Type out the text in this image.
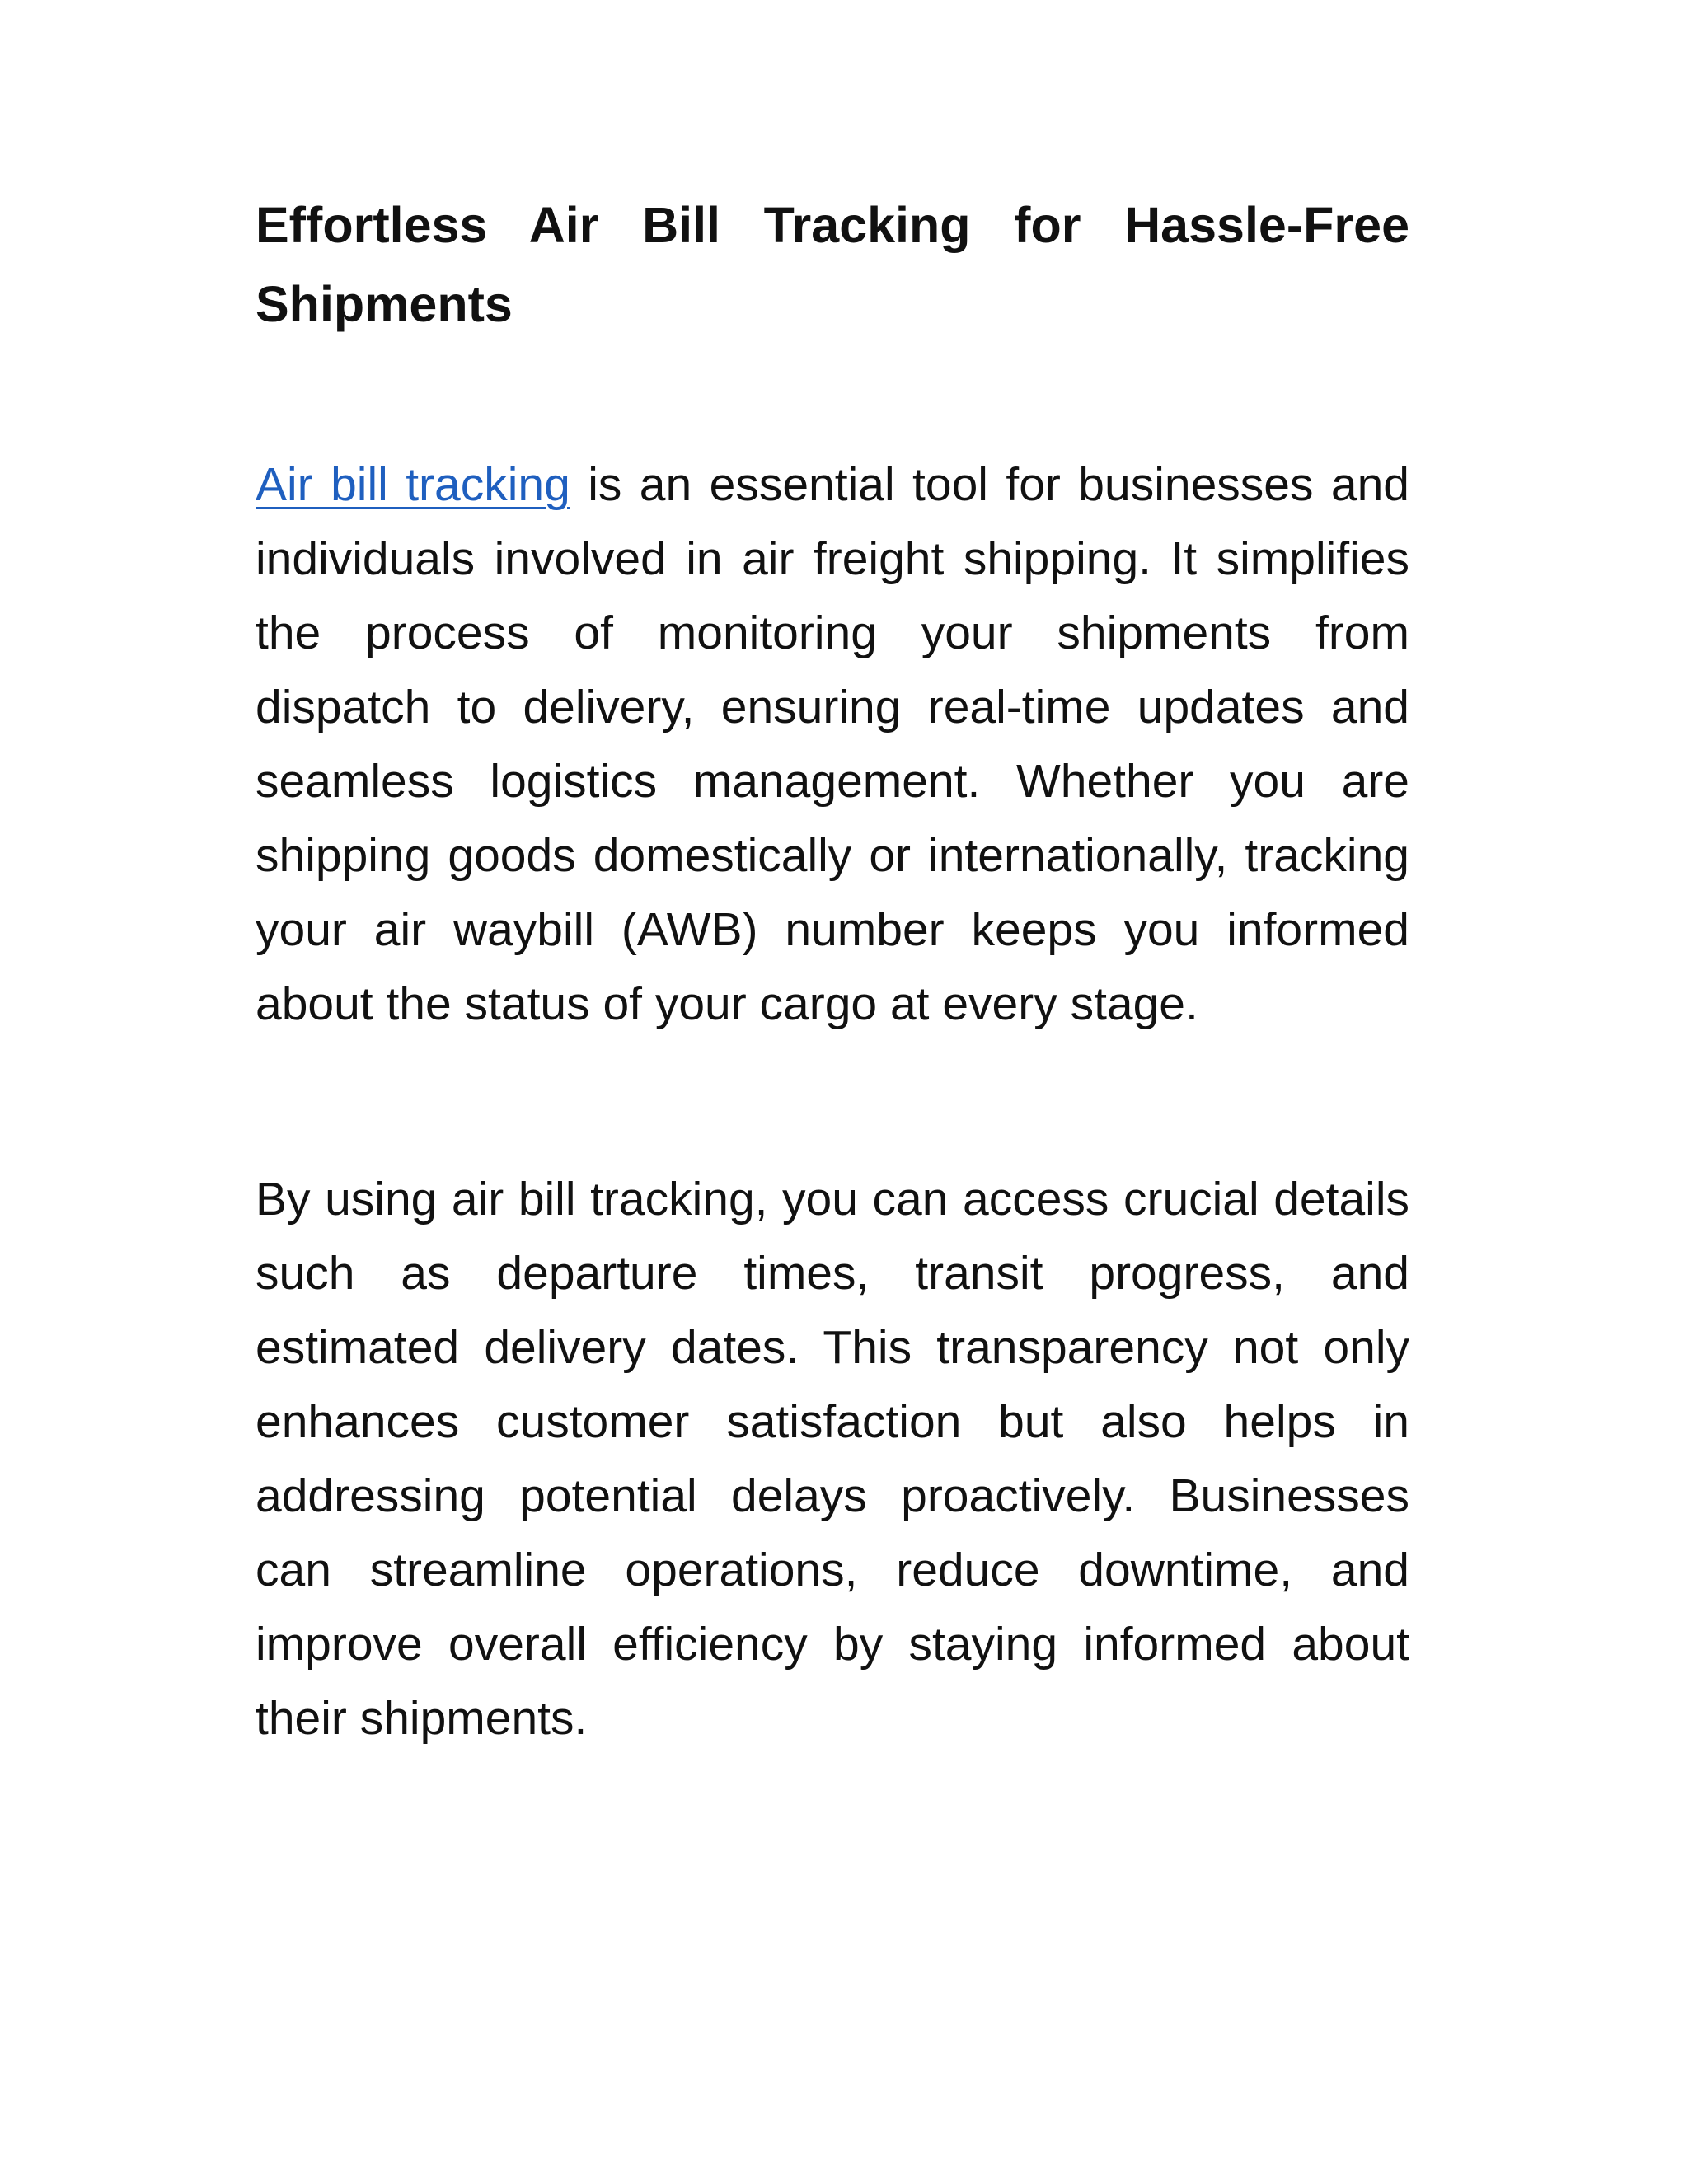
Effortless Air Bill Tracking for Hassle-Free Shipments

Air bill tracking is an essential tool for businesses and individuals involved in air freight shipping. It simplifies the process of monitoring your shipments from dispatch to delivery, ensuring real-time updates and seamless logistics management. Whether you are shipping goods domestically or internationally, tracking your air waybill (AWB) number keeps you informed about the status of your cargo at every stage.

By using air bill tracking, you can access crucial details such as departure times, transit progress, and estimated delivery dates. This transparency not only enhances customer satisfaction but also helps in addressing potential delays proactively. Businesses can streamline operations, reduce downtime, and improve overall efficiency by staying informed about their shipments.
